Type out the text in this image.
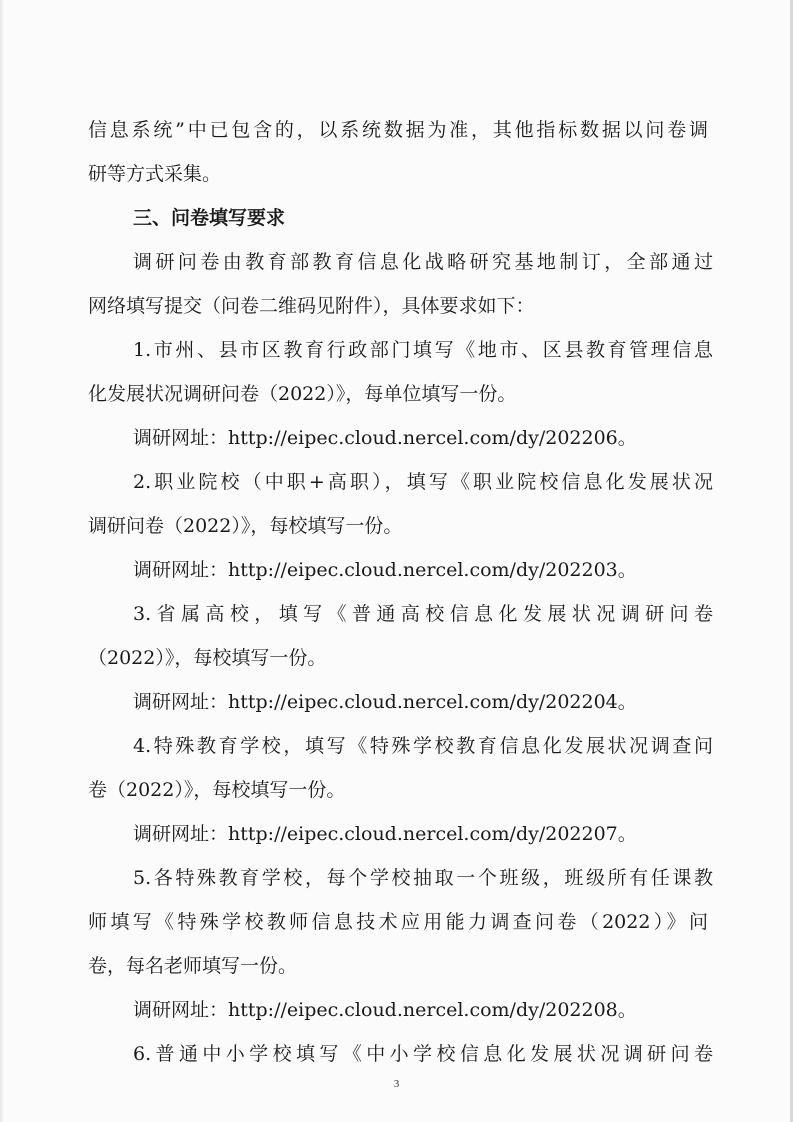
信息系统”中已包含的，以系统数据为准，其他指标数据以问卷调
研等方式采集。
三、问卷填写要求
调研问卷由教育部教育信息化战略研究基地制订，全部通过
网络填写提交（问卷二维码见附件），具体要求如下：
1.市州、县市区教育行政部门填写《地市、区县教育管理信息
化发展状况调研问卷（2022）》，每单位填写一份。
调研网址：http://eipec.cloud.nercel.com/dy/202206。
2.职业院校（中职+高职），填写《职业院校信息化发展状况
调研问卷（2022）》，每校填写一份。
调研网址：http://eipec.cloud.nercel.com/dy/202203。
3.省属高校，填写《普通高校信息化发展状况调研问卷
（2022）》，每校填写一份。
调研网址：http://eipec.cloud.nercel.com/dy/202204。
4.特殊教育学校，填写《特殊学校教育信息化发展状况调查问
卷（2022）》，每校填写一份。
调研网址：http://eipec.cloud.nercel.com/dy/202207。
5.各特殊教育学校，每个学校抽取一个班级，班级所有任课教
师填写《特殊学校教师信息技术应用能力调查问卷（2022）》问
卷，每名老师填写一份。
调研网址：http://eipec.cloud.nercel.com/dy/202208。
6.普通中小学校填写《中小学校信息化发展状况调研问卷
3
